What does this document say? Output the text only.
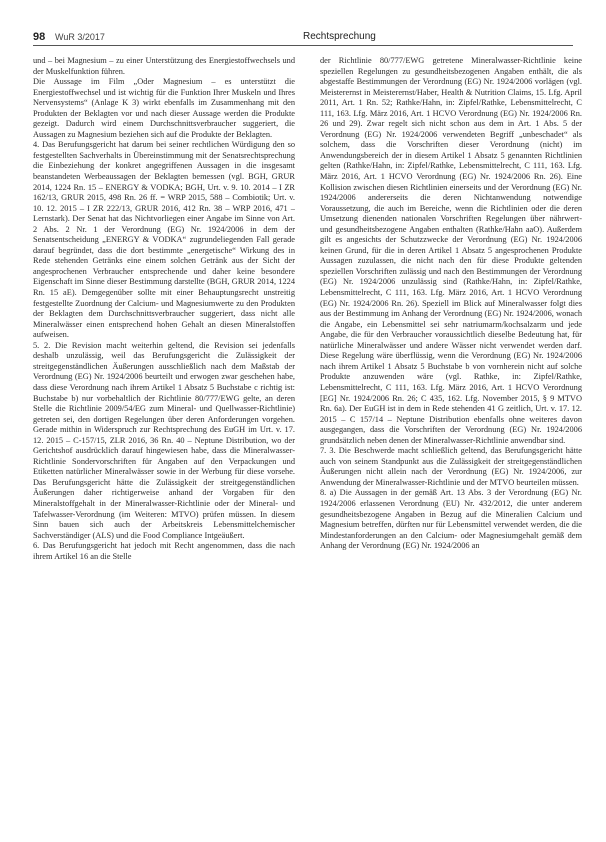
98 WuR 3/2017	Rechtsprechung

und – bei Magnesium – zu einer Unterstützung des Energiestoffwechsels und der Muskelfunktion führen.

Die Aussage im Film „Oder Magnesium – es unterstützt die Energiestoffwechsel und ist wichtig für die Funktion Ihrer Muskeln und Ihres Nervensystems“ (Anlage K 3) wirkt ebenfalls im Zusammenhang mit den Produkten der Beklagten vor und nach dieser Aussage werden die Produkte gezeigt. Dadurch wird einem Durchschnittsverbraucher suggeriert, die Aussagen zu Magnesium beziehen sich auf die Produkte der Beklagten.

4. Das Berufungsgericht hat darum bei seiner rechtlichen Würdigung den so festgestellten Sachverhalts in Übereinstimmung mit der Senatsrechtsprechung die Einbeziehung der konkret angegriffenen Aussagen in die insgesamt beanstandeten Werbeaussagen der Beklagten bemessen (vgl. BGH, GRUR 2014, 1224 Rn. 15 – ENERGY & VODKA; BGH, Urt. v. 9. 10. 2014 – I ZR 162/13, GRUR 2015, 498 Rn. 26 ff. = WRP 2015, 588 – Combiotik; Urt. v. 10. 12. 2015 – I ZR 222/13, GRUR 2016, 412 Rn. 38 – WRP 2016, 471 – Lernstark). Der Senat hat das Nichtvorliegen einer Angabe im Sinne von Art. 2 Abs. 2 Nr. 1 der Verordnung (EG) Nr. 1924/2006 in dem der Senatsentscheidung „ENERGY & VODKA“ zugrundeliegenden Fall gerade darauf begründet, dass die dort bestimmte „energetische“ Wirkung des in Rede stehenden Getränks eine einem solchen Getränk aus der Sicht der angesprochenen Verbraucher entsprechende und daher keine besondere Eigenschaft im Sinne dieser Bestimmung darstellte (BGH, GRUR 2014, 1224 Rn. 15 aE). Demgegenüber sollte mit einer Behauptungsrecht unstreitig festgestellte Zuordnung der Calcium- und Magnesiumwerte zu den Produkten der Beklagten dem Durchschnittsverbraucher suggeriert, dass nicht alle Mineralwässer einen entsprechend hohen Gehalt an diesen Mineralstoffen aufweisen.

5. 2. Die Revision macht weiterhin geltend, die Revision sei jedenfalls deshalb unzulässig, weil das Berufungsgericht die Zulässigkeit der streitgegenständlichen Äußerungen ausschließlich nach dem Maßstab der Verordnung (EG) Nr. 1924/2006 beurteilt und erwogen zwar geschehen habe, dass diese Verordnung nach ihrem Artikel 1 Absatz 5 Buchstabe c richtig ist: Buchstabe b) nur vorbehaltlich der Richtlinie 80/777/EWG gelte, an deren Stelle die Richtlinie 2009/54/EG zum Mineral- und Quellwasser-Richtlinie) getreten sei, den dortigen Regelungen über deren Anforderungen vorgehen. Gerade mithin in Widerspruch zur Rechtsprechung des EuGH im Urt. v. 17. 12. 2015 – C-157/15, ZLR 2016, 36 Rn. 40 – Neptune Distribution, wo der Gerichtshof ausdrücklich darauf hingewiesen habe, dass die Mineralwasser-Richtlinie Sondervorschriften für Angaben auf den Verpackungen und Etiketten natürlicher Mineralwässer sowie in der Werbung für diese vorsehe. Das Berufungsgericht hätte die Zulässigkeit der streitgegenständlichen Äußerungen daher richtigerweise anhand der Vorgaben für den Mineralstoffgehalt in der Mineralwasser-Richtlinie oder der Mineral- und Tafelwasser-Verordnung (im Weiteren: MTVO) prüfen müssen. In diesem Sinn bauen sich auch der Arbeitskreis Lebensmittelchemischer Sachverständiger (ALS) und die Food Compliance Intgeäußert.

6. Das Berufungsgericht hat jedoch mit Recht angenommen, dass die nach ihrem Artikel 16 an die Stelle

der Richtlinie 80/777/EWG getretene Mineralwasser-Richtlinie keine speziellen Regelungen zu gesundheitsbezogenen Angaben enthält, die als abgestaffe Bestimmungen der Verordnung (EG) Nr. 1924/2006 vorlägen (vgl. Meisterernst in Meisterernst/Haber, Health & Nutrition Claims, 15. Lfg. April 2011, Art. 1 Rn. 52; Rathke/Hahn, in: Zipfel/Rathke, Lebensmittelrecht, C 111, 163. Lfg. März 2016, Art. 1 HCVO Verordnung (EG) Nr. 1924/2006 Rn. 26 und 29). Zwar regelt sich nicht schon aus dem in Art. 1 Abs. 5 der Verordnung (EG) Nr. 1924/2006 verwendeten Begriff „unbeschadet“ als solchem, dass die Vorschriften dieser Verordnung (nicht) im Anwendungsbereich der in diesem Artikel 1 Absatz 5 genannten Richtlinien gelten (Rathke/Hahn, in: Zipfel/Rathke, Lebensmittelrecht, C 111, 163. Lfg. März 2016, Art. 1 HCVO Verordnung (EG) Nr. 1924/2006 Rn. 26). Eine Kollision zwischen diesen Richtlinien einerseits und der Verordnung (EG) Nr. 1924/2006 andererseits die deren Nichtanwendung notwendige Voraussetzung, die auch im Bereiche, wenn die Richtlinien oder die deren Umsetzung dienenden nationalen Vorschriften Regelungen über nährwert- und gesundheitsbezogene Angaben enthalten (Rathke/Hahn aaO). Außerdem gilt es angesichts der Schutzzwecke der Verordnung (EG) Nr. 1924/2006 keinen Grund, für die in deren Artikel 1 Absatz 5 angesprochenen Produkte Aussagen zuzulassen, die nicht nach den für diese Produkte geltenden speziellen Vorschriften zulässig und nach den Bestimmungen der Verordnung (EG) Nr. 1924/2006 unzulässig sind (Rathke/Hahn, in: Zipfel/Rathke, Lebensmittelrecht, C 111, 163. Lfg. März 2016, Art. 1 HCVO Verordnung (EG) Nr. 1924/2006 Rn. 26). Speziell im Blick auf Mineralwasser folgt dies aus der Bestimmung im Anhang der Verordnung (EG) Nr. 1924/2006, wonach die Angabe, ein Lebensmittel sei sehr natriumarm/kochsalzarm und jede Angabe, die für den Verbraucher voraussichtlich dieselbe Bedeutung hat, für natürliche Mineralwässer und andere Wässer nicht verwendet werden darf. Diese Regelung wäre überflüssig, wenn die Verordnung (EG) Nr. 1924/2006 nach ihrem Artikel 1 Absatz 5 Buchstabe b von vornherein nicht auf solche Produkte anzuwenden wäre (vgl. Rathke, in: Zipfel/Rathke, Lebensmittelrecht, C 111, 163. Lfg. März 2016, Art. 1 HCVO Verordnung [EG] Nr. 1924/2006 Rn. 26; C 435, 162. Lfg. November 2015, § 9 MTVO Rn. 6a). Der EuGH ist in dem in Rede stehenden 41 G zeitlich, Urt. v. 17. 12. 2015 – C 157/14 – Neptune Distribution ebenfalls ohne weiteres davon ausgegangen, dass die Vorschriften der Verordnung (EG) Nr. 1924/2006 grundsätzlich neben denen der Mineralwasser-Richtlinie anwendbar sind.

7. 3. Die Beschwerde macht schließlich geltend, das Berufungsgericht hätte auch von seinem Standpunkt aus die Zulässigkeit der streitgegenständlichen Äußerungen nicht allein nach der Verordnung (EG) Nr. 1924/2006, zur Anwendung der Mineralwasser-Richtlinie und der MTVO beurteilen müssen.

8. a) Die Aussagen in der gemäß Art. 13 Abs. 3 der Verordnung (EG) Nr. 1924/2006 erlassenen Verordnung (EU) Nr. 432/2012, die unter anderem gesundheitsbezogene Angaben in Bezug auf die Mineralien Calcium und Magnesium betreffen, dürften nur für Lebensmittel verwendet werden, die die Mindestanforderungen an den Calcium- oder Magnesiumgehalt gemäß dem Anhang der Verordnung (EG) Nr. 1924/2006 an
